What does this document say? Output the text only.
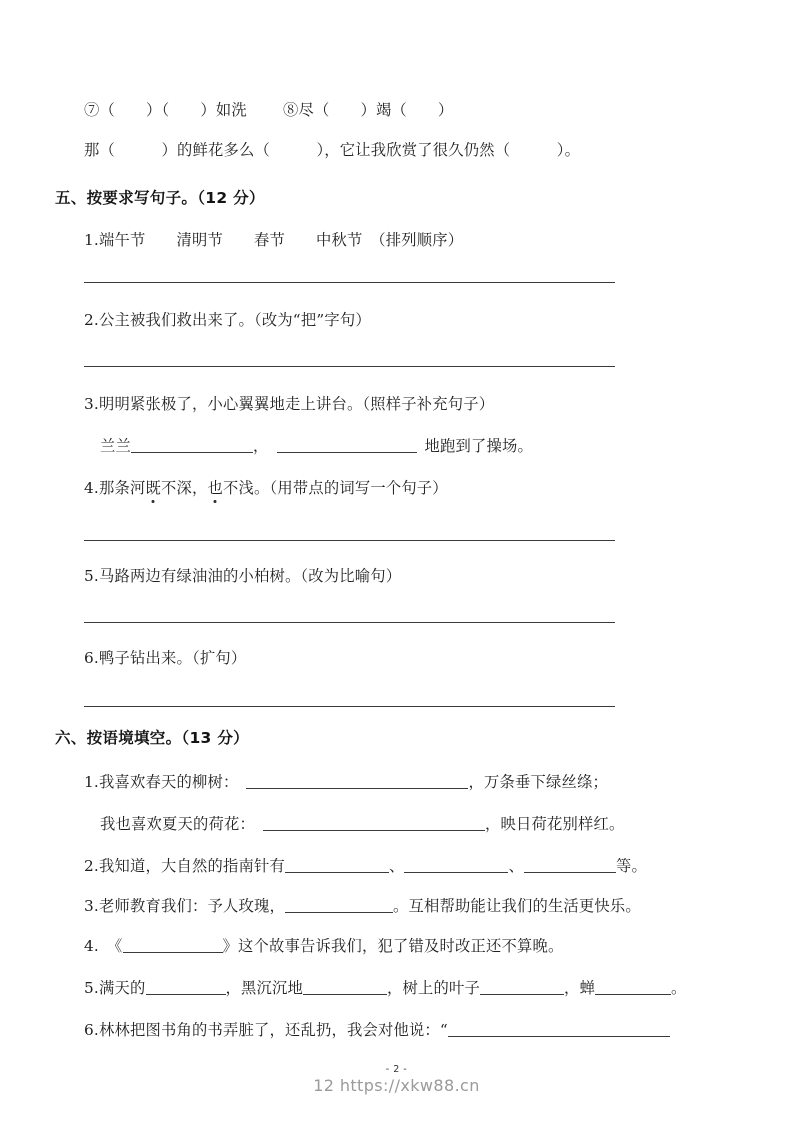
⑦（　　）（　　）如洗 ⑧尽（　　）竭（　　）
那（　　　）的鲜花多么（　　　），它让我欣赏了很久仍然（　　　）。
五、按要求写句子。（12 分）
1.端午节　　清明节　　春节　　中秋节　（排列顺序）
2.公主被我们救出来了。（改为“把”字句）
3.明明紧张极了，小心翼翼地走上讲台。（照样子补充句子）
兰兰	，	地跑到了操场。
4.那条河既不深，也不浅。（用带点的词写一个句子）
5.马路两边有绿油油的小柏树。（改为比喻句）
6.鸭子钻出来。（扩句）
六、按语境填空。（13 分）
1.我喜欢春天的柳树：	，万条垂下绿丝绦；
我也喜欢夏天的荷花：	，映日荷花别样红。
2.我知道，大自然的指南针有	、	、	等。
3.老师教育我们：予人玫瑰，	。互相帮助能让我们的生活更快乐。
4. 《	》这个故事告诉我们，犯了错及时改正还不算晚。
5.满天的	，黑沉沉地	，树上的叶子	，蝉	。
6.林林把图书角的书弄脏了，还乱扔，我会对他说：“
- 2 -
12 https://xkw88.cn
